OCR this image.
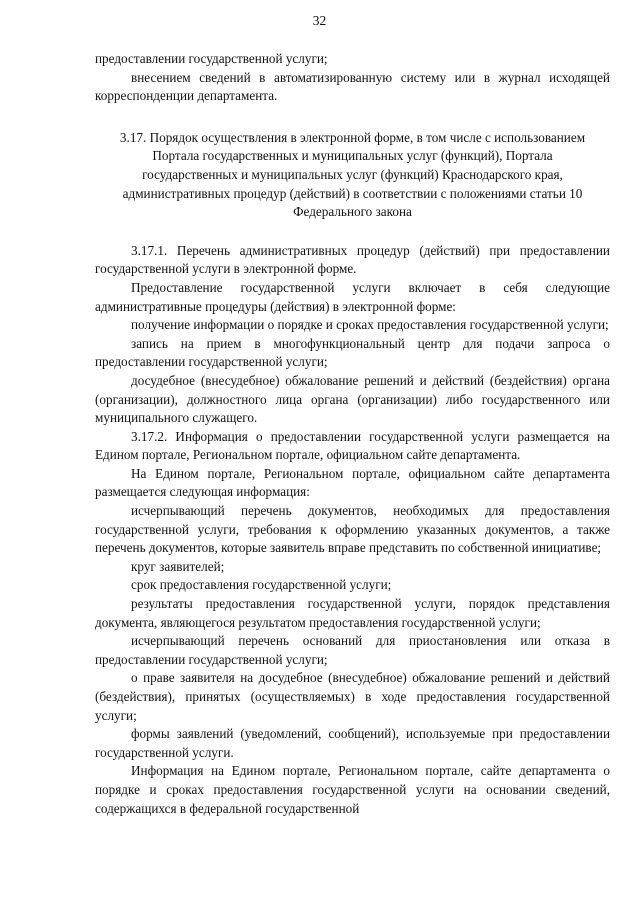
32

предоставлении государственной услуги;

внесением сведений в автоматизированную систему или в журнал исходящей корреспонденции департамента.

3.17. Порядок осуществления в электронной форме, в том числе с использованием Портала государственных и муниципальных услуг (функций), Портала государственных и муниципальных услуг (функций) Краснодарского края, административных процедур (действий) в соответствии с положениями статьи 10 Федерального закона

3.17.1. Перечень административных процедур (действий) при предоставлении государственной услуги в электронной форме.

Предоставление государственной услуги включает в себя следующие административные процедуры (действия) в электронной форме:

получение информации о порядке и сроках предоставления государственной услуги;

запись на прием в многофункциональный центр для подачи запроса о предоставлении государственной услуги;

досудебное (внесудебное) обжалование решений и действий (бездействия) органа (организации), должностного лица органа (организации) либо государственного или муниципального служащего.

3.17.2. Информация о предоставлении государственной услуги размещается на Едином портале, Региональном портале, официальном сайте департамента.

На Едином портале, Региональном портале, официальном сайте департамента размещается следующая информация:

исчерпывающий перечень документов, необходимых для предоставления государственной услуги, требования к оформлению указанных документов, а также перечень документов, которые заявитель вправе представить по собственной инициативе;

круг заявителей;

срок предоставления государственной услуги;

результаты предоставления государственной услуги, порядок представления документа, являющегося результатом предоставления государственной услуги;

исчерпывающий перечень оснований для приостановления или отказа в предоставлении государственной услуги;

о праве заявителя на досудебное (внесудебное) обжалование решений и действий (бездействия), принятых (осуществляемых) в ходе предоставления государственной услуги;

формы заявлений (уведомлений, сообщений), используемые при предоставлении государственной услуги.

Информация на Едином портале, Региональном портале, сайте департамента о порядке и сроках предоставления государственной услуги на основании сведений, содержащихся в федеральной государственной
